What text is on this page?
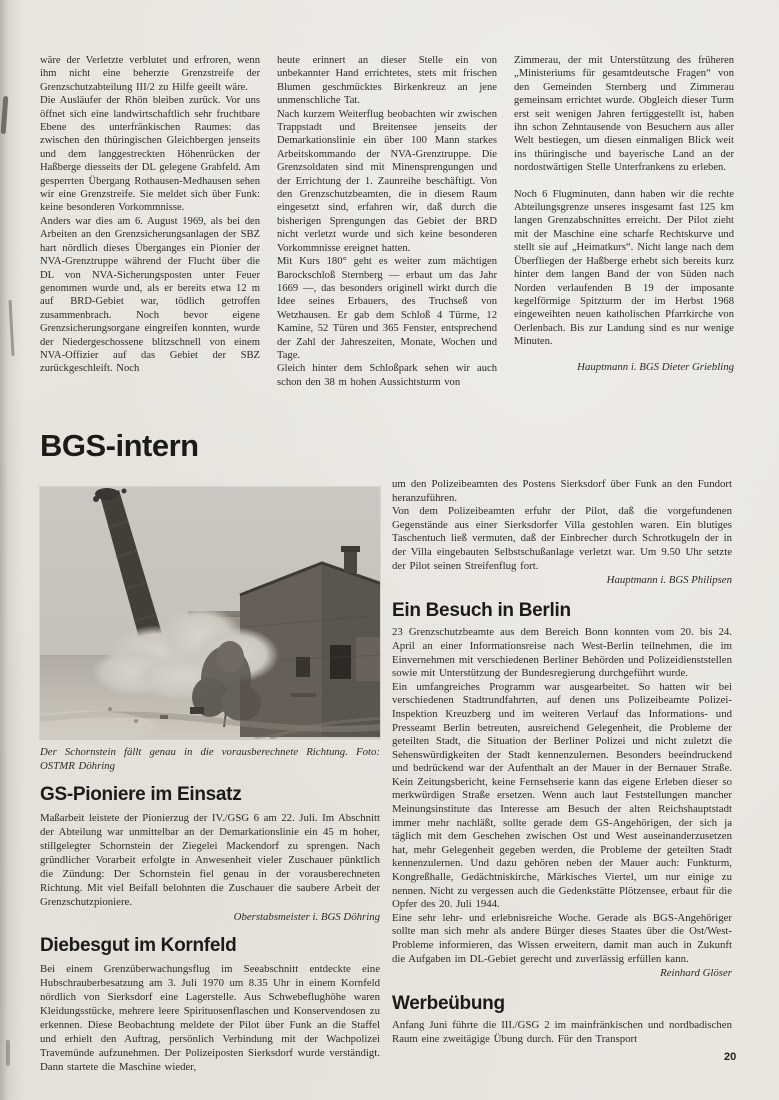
wäre der Verletzte verblutet und erfroren, wenn ihm nicht eine beherzte Grenzstreife der Grenzschutzabteilung III/2 zu Hilfe geeilt wäre.

Die Ausläufer der Rhön bleiben zurück. Vor uns öffnet sich eine landwirtschaftlich sehr fruchtbare Ebene des unterfränkischen Raumes: das zwischen den thüringischen Gleichbergen jenseits und dem langgestreckten Höhenrücken der Haßberge diesseits der DL gelegene Grabfeld. Am gesperrten Übergang Rothausen-Medhausen sehen wir eine Grenzstreife. Sie meldet sich über Funk: keine besonderen Vorkommnisse.

Anders war dies am 6. August 1969, als bei den Arbeiten an den Grenzsicherungsanlagen der SBZ hart nördlich dieses Überganges ein Pionier der NVA-Grenztruppe während der Flucht über die DL von NVA-Sicherungsposten unter Feuer genommen wurde und, als er bereits etwa 12 m auf BRD-Gebiet war, tödlich getroffen zusammenbrach. Noch bevor eigene Grenzsicherungsorgane eingreifen konnten, wurde der Niedergeschossene blitzschnell von einem NVA-Offizier auf das Gebiet der SBZ zurückgeschleift. Noch

heute erinnert an dieser Stelle ein von unbekannter Hand errichtetes, stets mit frischen Blumen geschmücktes Birkenkreuz an jene unmenschliche Tat.

Nach kurzem Weiterflug beobachten wir zwischen Trappstadt und Breitensee jenseits der Demarkationslinie ein über 100 Mann starkes Arbeitskommando der NVA-Grenztruppe. Die Grenzsoldaten sind mit Minensprengungen und der Errichtung der 1. Zaunreihe beschäftigt. Von den Grenzschutzbeamten, die in diesem Raum eingesetzt sind, erfahren wir, daß durch die bisherigen Sprengungen das Gebiet der BRD nicht verletzt wurde und sich keine besonderen Vorkommnisse ereignet hatten.

Mit Kurs 180° geht es weiter zum mächtigen Barockschloß Sternberg — erbaut um das Jahr 1669 —, das besonders originell wirkt durch die Idee seines Erbauers, des Truchseß von Wetzhausen. Er gab dem Schloß 4 Türme, 12 Kamine, 52 Türen und 365 Fenster, entsprechend der Zahl der Jahreszeiten, Monate, Wochen und Tage.

Gleich hinter dem Schloßpark sehen wir auch schon den 38 m hohen Aussichtsturm von

Zimmerau, der mit Unterstützung des früheren „Ministeriums für gesamtdeutsche Fragen“ von den Gemeinden Sternberg und Zimmerau gemeinsam errichtet wurde. Obgleich dieser Turm erst seit wenigen Jahren fertiggestellt ist, haben ihn schon Zehntausende von Besuchern aus aller Welt bestiegen, um diesen einmaligen Blick weit ins thüringische und bayerische Land an der nordostwärtigen Stelle Unterfrankens zu erleben.

Noch 6 Flugminuten, dann haben wir die rechte Abteilungsgrenze unseres insgesamt fast 125 km langen Grenzabschnittes erreicht. Der Pilot zieht mit der Maschine eine scharfe Rechtskurve und stellt sie auf „Heimatkurs“. Nicht lange nach dem Überfliegen der Haßberge erhebt sich bereits kurz hinter dem langen Band der von Süden nach Norden verlaufenden B 19 der imposante kegelförmige Spitzturm der im Herbst 1968 eingeweihten neuen katholischen Pfarrkirche von Oerlenbach. Bis zur Landung sind es nur wenige Minuten.

Hauptmann i. BGS Dieter Griebling
BGS-intern
Der Schornstein fällt genau in die vorausberechnete Richtung. Foto: OSTMR Döhring
GS-Pioniere im Einsatz

Maßarbeit leistete der Pionierzug der IV./GSG 6 am 22. Juli. Im Abschnitt der Abteilung war unmittelbar an der Demarkationslinie ein 45 m hoher, stillgelegter Schornstein der Ziegelei Mackendorf zu sprengen. Nach gründlicher Vorarbeit erfolgte in Anwesenheit vieler Zuschauer pünktlich die Zündung: Der Schornstein fiel genau in der vorausberechneten Richtung. Mit viel Beifall belohnten die Zuschauer die saubere Arbeit der Grenzschutzpioniere.

Oberstabsmeister i. BGS Döhring
Diebesgut im Kornfeld

Bei einem Grenzüberwachungsflug im Seeabschnitt entdeckte eine Hubschrauberbesatzung am 3. Juli 1970 um 8.35 Uhr in einem Kornfeld nördlich von Sierksdorf eine Lagerstelle. Aus Schwebeflughöhe waren Kleidungsstücke, mehrere leere Spirituosenflaschen und Konservendosen zu erkennen. Diese Beobachtung meldete der Pilot über Funk an die Staffel und erhielt den Auftrag, persönlich Verbindung mit der Wachpolizei Travemünde aufzunehmen. Der Polizeiposten Sierksdorf wurde verständigt. Dann startete die Maschine wieder,

um den Polizeibeamten des Postens Sierksdorf über Funk an den Fundort heranzuführen.

Von dem Polizeibeamten erfuhr der Pilot, daß die vorgefundenen Gegenstände aus einer Sierksdorfer Villa gestohlen waren. Ein blutiges Taschentuch ließ vermuten, daß der Einbrecher durch Schrotkugeln der in der Villa eingebauten Selbstschußanlage verletzt war. Um 9.50 Uhr setzte der Pilot seinen Streifenflug fort.

Hauptmann i. BGS Philipsen
Ein Besuch in Berlin

23 Grenzschutzbeamte aus dem Bereich Bonn konnten vom 20. bis 24. April an einer Informationsreise nach West-Berlin teilnehmen, die im Einvernehmen mit verschiedenen Berliner Behörden und Polizeidienststellen sowie mit Unterstützung der Bundesregierung durchgeführt wurde.

Ein umfangreiches Programm war ausgearbeitet. So hatten wir bei verschiedenen Stadtrundfahrten, auf denen uns Polizeibeamte Polizei-Inspektion Kreuzberg und im weiteren Verlauf das Informations- und Presseamt Berlin betreuten, ausreichend Gelegenheit, die Probleme der geteilten Stadt, die Situation der Berliner Polizei und nicht zuletzt die Sehenswürdigkeiten der Stadt kennenzulernen. Besonders beeindruckend und bedrückend war der Aufenthalt an der Mauer in der Bernauer Straße. Kein Zeitungsbericht, keine Fernsehserie kann das eigene Erleben dieser so merkwürdigen Straße ersetzen. Wenn auch laut Feststellungen mancher Meinungsinstitute das Interesse am Besuch der alten Reichshauptstadt immer mehr nachläßt, sollte gerade dem GS-Angehörigen, der sich ja täglich mit dem Geschehen zwischen Ost und West auseinanderzusetzen hat, mehr Gelegenheit gegeben werden, die Probleme der geteilten Stadt kennenzulernen. Und dazu gehören neben der Mauer auch: Funkturm, Kongreßhalle, Gedächtniskirche, Märkisches Viertel, um nur einige zu nennen. Nicht zu vergessen auch die Gedenkstätte Plötzensee, erbaut für die Opfer des 20. Juli 1944.

Eine sehr lehr- und erlebnisreiche Woche. Gerade als BGS-Angehöriger sollte man sich mehr als andere Bürger dieses Staates über die Ost/West-Probleme informieren, das Wissen erweitern, damit man auch in Zukunft die Aufgaben im DL-Gebiet gerecht und zuverlässig erfüllen kann.

Reinhard Glöser
Werbeübung

Anfang Juni führte die III./GSG 2 im mainfränkischen und nordbadischen Raum eine zweitägige Übung durch. Für den Transport

20
